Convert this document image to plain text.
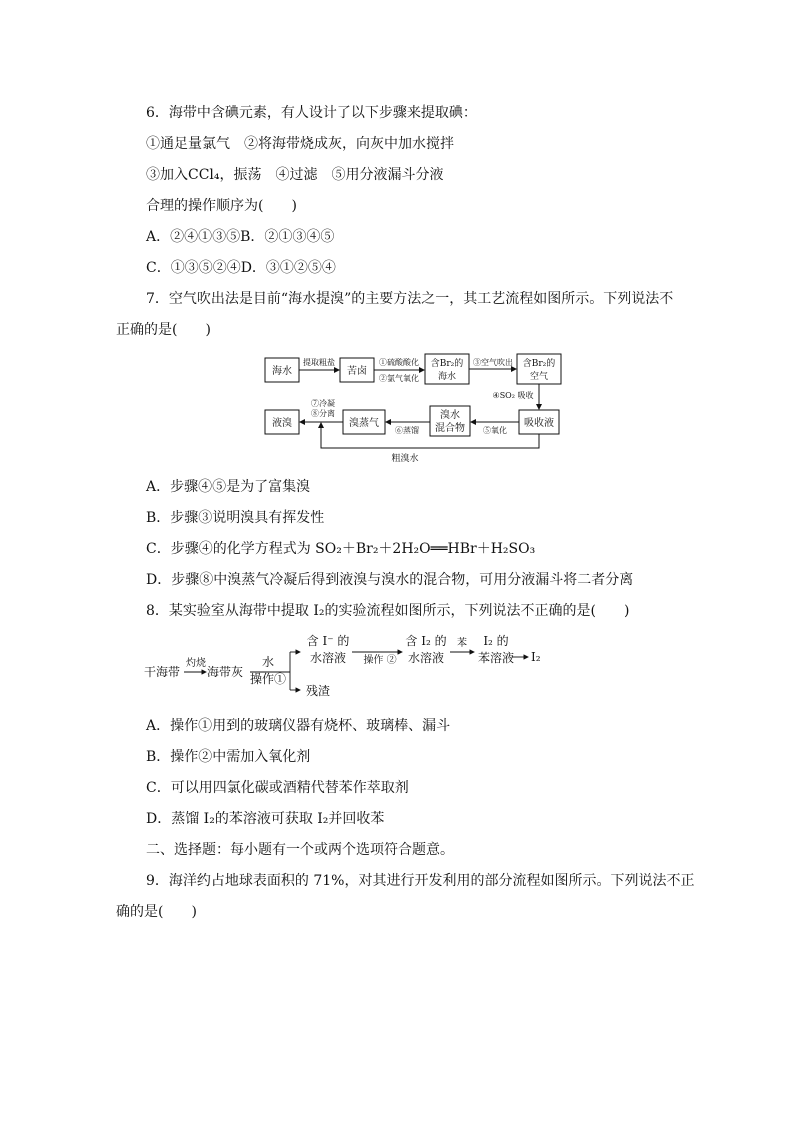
6．海带中含碘元素，有人设计了以下步骤来提取碘：
①通足量氯气　②将海带烧成灰，向灰中加水搅拌
③加入CCl₄，振荡　④过滤　⑤用分液漏斗分液
合理的操作顺序为(　　)
A．②④①③⑤B．②①③④⑤
C．①③⑤②④D．③①②⑤④
7．空气吹出法是目前“海水提溴”的主要方法之一，其工艺流程如图所示。下列说法不
正确的是(　　)
海水	苦卤
含Br₂的
海水
含Br₂的
空气
吸收液
溴水
混合物
溴蒸气
液溴
提取粗盐	①硫酸酸化
②氯气氧化
③空气吹出
④SO₂ 吸收
⑤氧化
⑥蒸馏
⑦冷凝
⑧分离
粗溴水
A．步骤④⑤是为了富集溴
B．步骤③说明溴具有挥发性
C．步骤④的化学方程式为 SO₂＋Br₂＋2H₂O══HBr＋H₂SO₃
D．步骤⑧中溴蒸气冷凝后得到液溴与溴水的混合物，可用分液漏斗将二者分离
8．某实验室从海带中提取 I₂的实验流程如图所示，下列说法不正确的是(　　)
干海带
灼烧
海带灰
水
操作①
含 I⁻ 的
水溶液 操作 ②
含 I₂ 的
水溶液
苯 I₂ 的
苯溶液 I₂
残渣
A．操作①用到的玻璃仪器有烧杯、玻璃棒、漏斗
B．操作②中需加入氧化剂
C．可以用四氯化碳或酒精代替苯作萃取剂
D．蒸馏 I₂的苯溶液可获取 I₂并回收苯
二、选择题：每小题有一个或两个选项符合题意。
9．海洋约占地球表面积的 71%，对其进行开发利用的部分流程如图所示。下列说法不正
确的是(　　)
